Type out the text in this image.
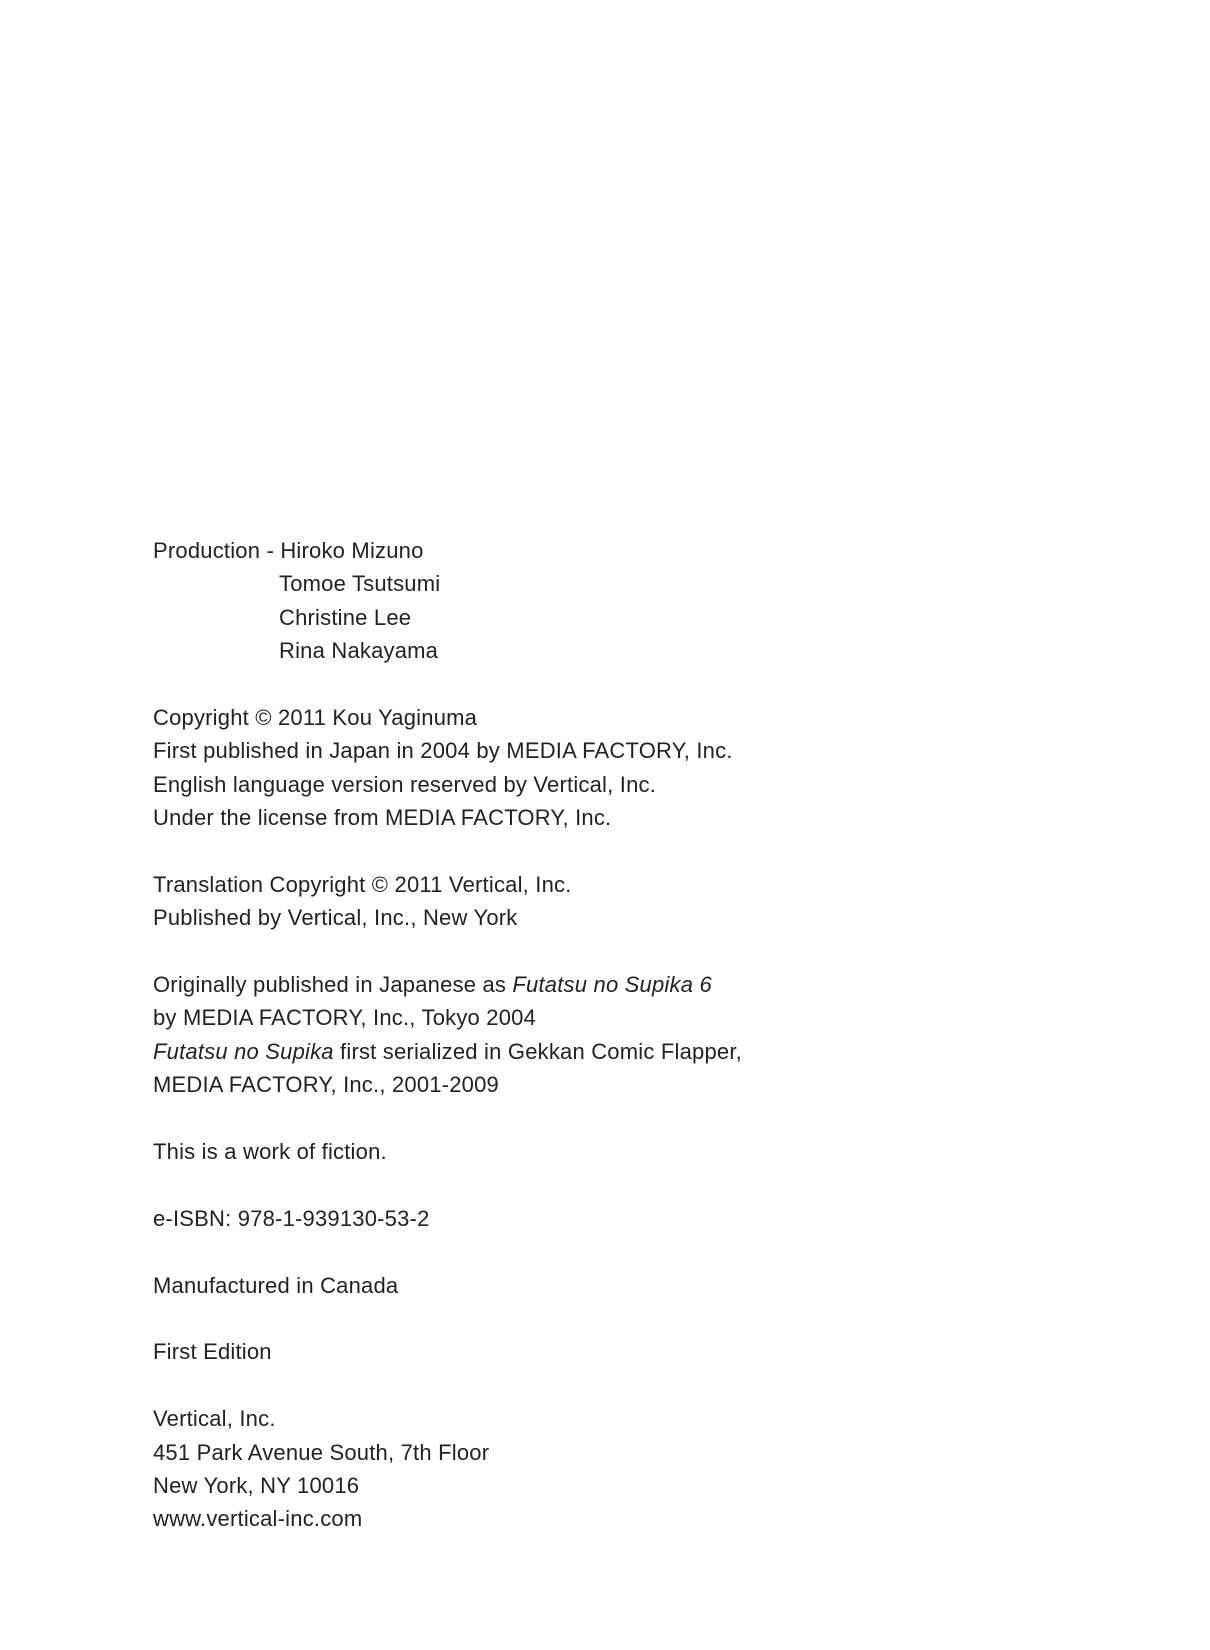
Production - Hiroko Mizuno
Tomoe Tsutsumi
Christine Lee
Rina Nakayama
Copyright © 2011 Kou Yaginuma
First published in Japan in 2004 by MEDIA FACTORY, Inc.
English language version reserved by Vertical, Inc.
Under the license from MEDIA FACTORY, Inc.
Translation Copyright © 2011 Vertical, Inc.
Published by Vertical, Inc., New York
Originally published in Japanese as Futatsu no Supika 6
by MEDIA FACTORY, Inc., Tokyo 2004
Futatsu no Supika first serialized in Gekkan Comic Flapper,
MEDIA FACTORY, Inc., 2001-2009
This is a work of fiction.
e-ISBN: 978-1-939130-53-2
Manufactured in Canada
First Edition
Vertical, Inc.
451 Park Avenue South, 7th Floor
New York, NY 10016
www.vertical-inc.com
